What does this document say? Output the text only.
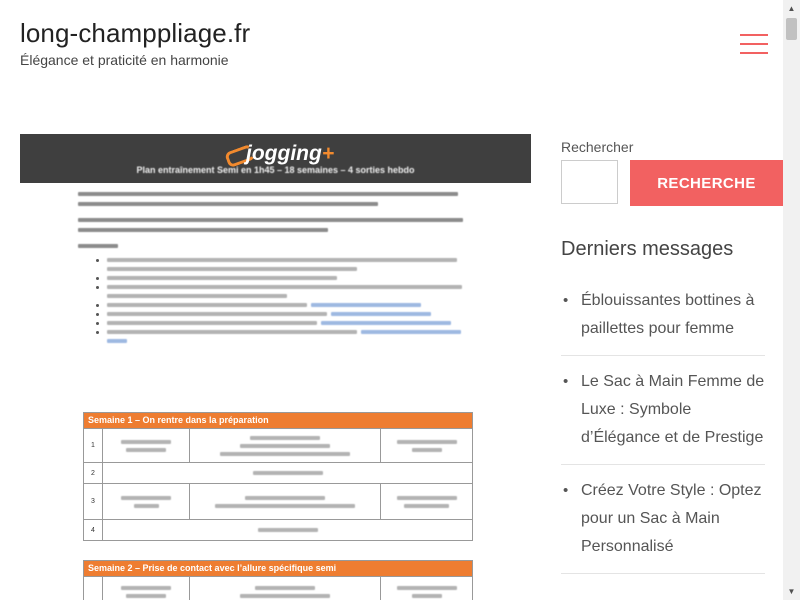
long-champpliage.fr
Élégance et praticité en harmonie
jogging+
Plan entraînement Semi en 1h45 – 18 semaines – 4 sorties hebdo
Semaine 1 – On rentre dans la préparation
1
2
3
4
Semaine 2 – Prise de contact avec l’allure spécifique semi
Rechercher
RECHERCHE
Derniers messages
• Éblouissantes bottines à paillettes pour femme
• Le Sac à Main Femme de Luxe : Symbole d’Élégance et de Prestige
• Créez Votre Style : Optez pour un Sac à Main Personnalisé
▲
▼
